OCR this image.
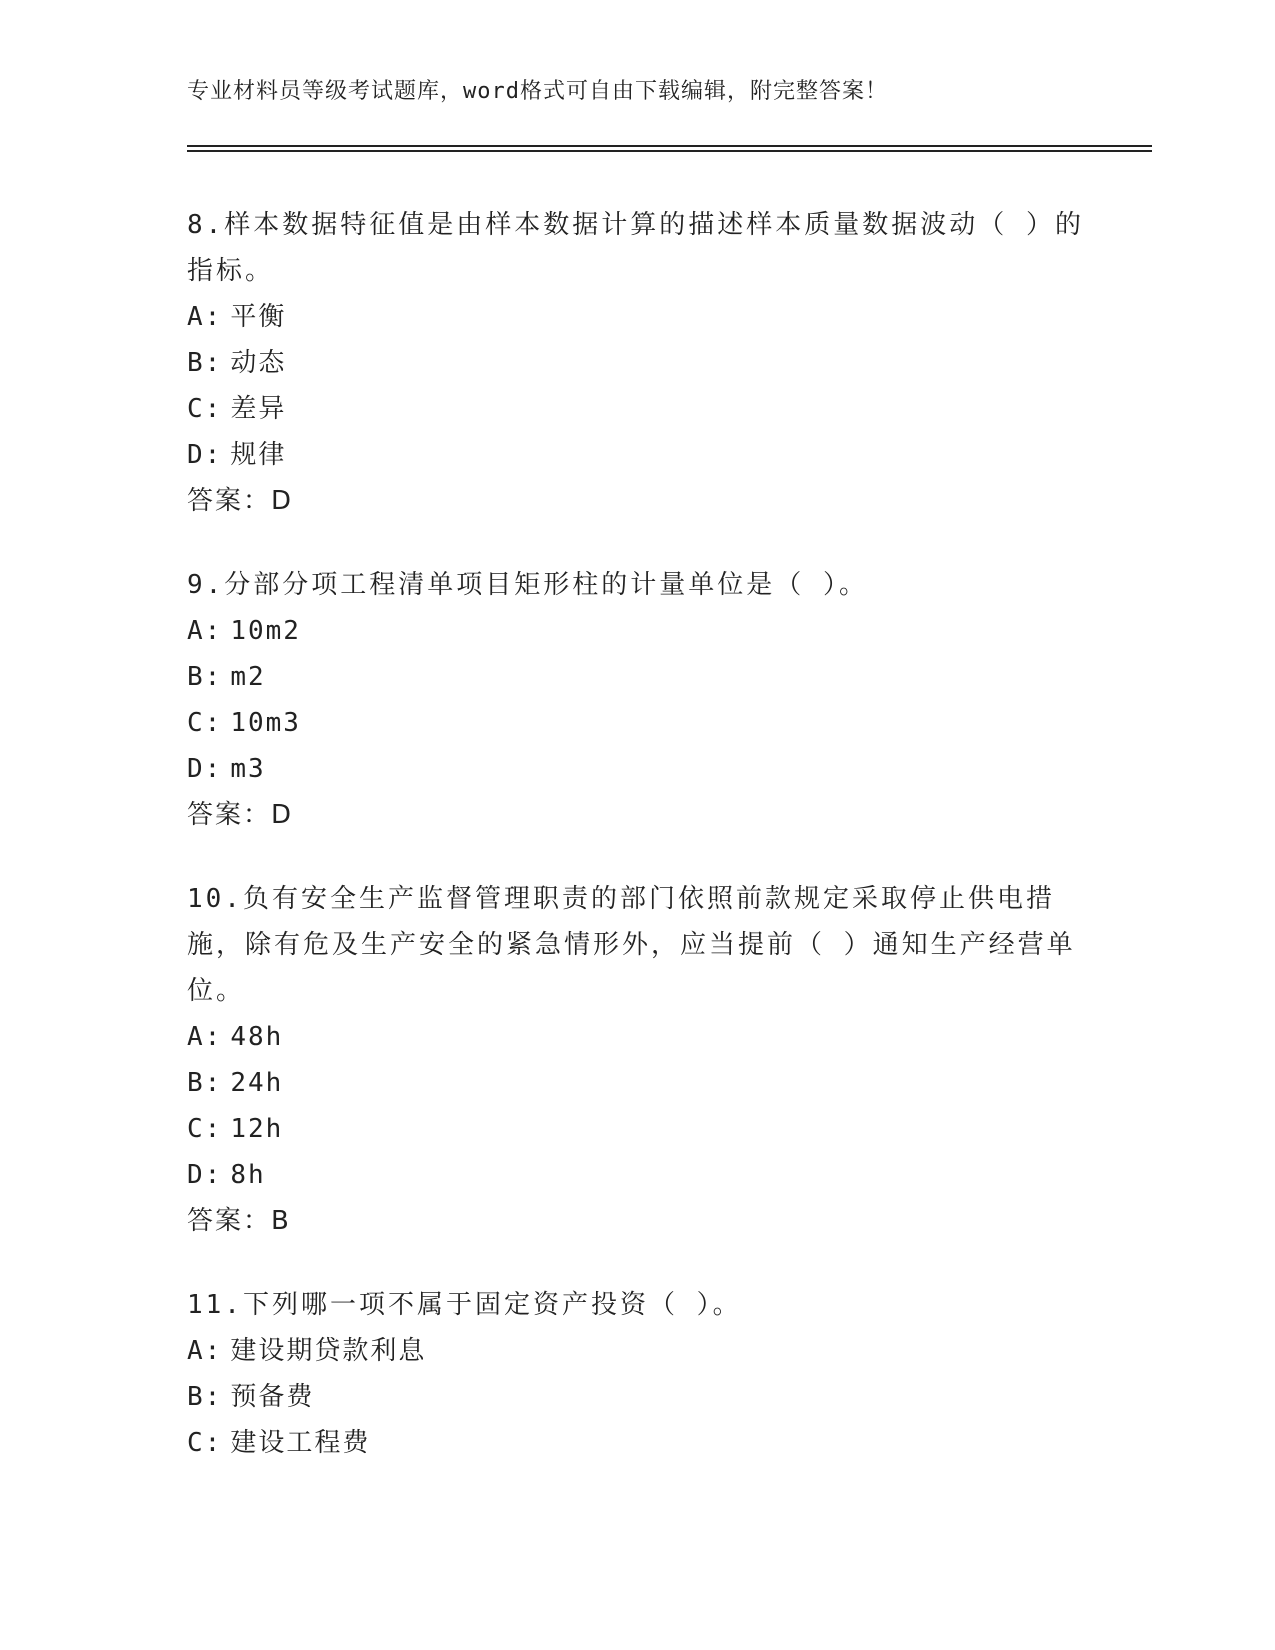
专业材料员等级考试题库，word格式可自由下载编辑，附完整答案！
8.样本数据特征值是由样本数据计算的描述样本质量数据波动（ ）的指标。
A: 平衡
B: 动态
C: 差异
D: 规律
答案：D
9.分部分项工程清单项目矩形柱的计量单位是（ ）。
A: 10m2
B: m2
C: 10m3
D: m3
答案：D
10.负有安全生产监督管理职责的部门依照前款规定采取停止供电措施，除有危及生产安全的紧急情形外，应当提前（ ）通知生产经营单位。
A: 48h
B: 24h
C: 12h
D: 8h
答案：B
11.下列哪一项不属于固定资产投资（ ）。
A: 建设期贷款利息
B: 预备费
C: 建设工程费
